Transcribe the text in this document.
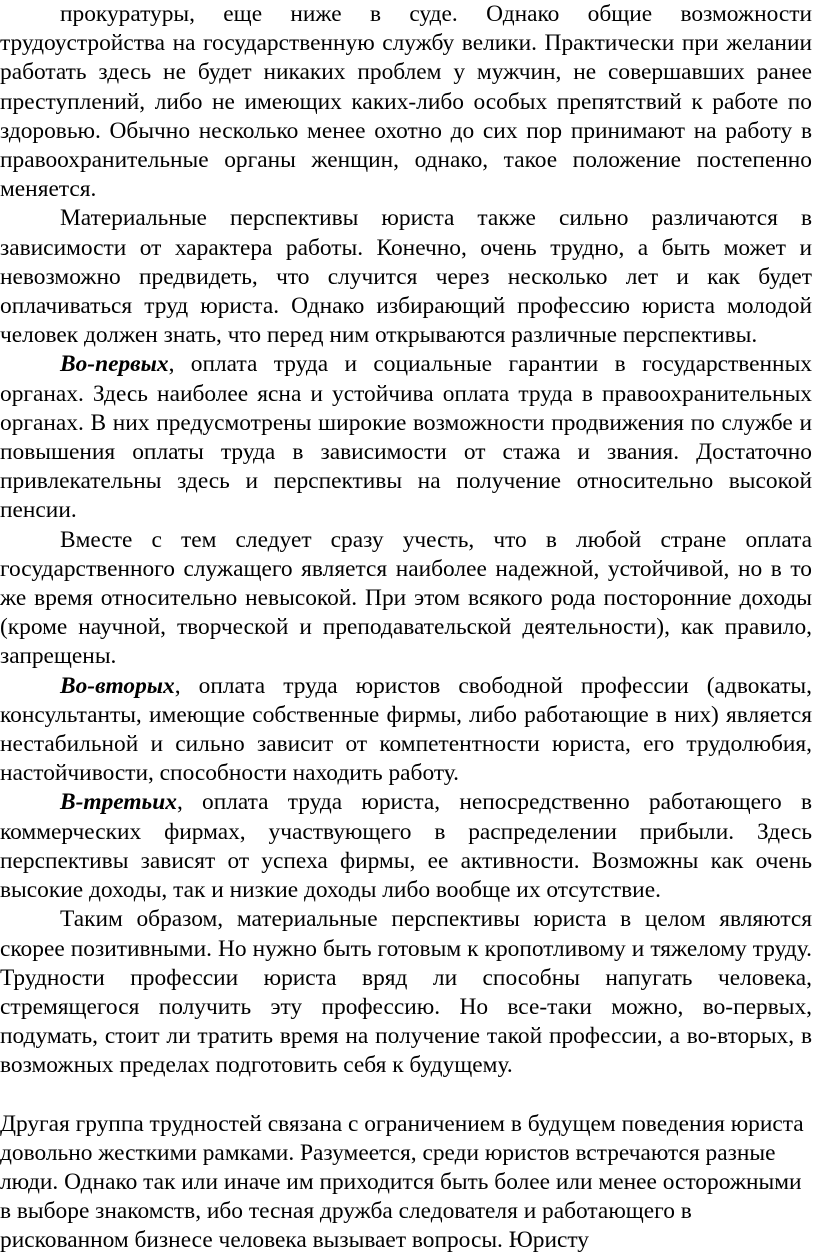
прокуратуры, еще ниже в суде. Однако общие возможности трудоустройства на государственную службу велики. Практически при желании работать здесь не будет никаких проблем у мужчин, не совершавших ранее преступлений, либо не имеющих каких-либо особых препятствий к работе по здоровью. Обычно несколько менее охотно до сих пор принимают на работу в правоохранительные органы женщин, однако, такое положение постепенно меняется.

Материальные перспективы юриста также сильно различаются в зависимости от характера работы. Конечно, очень трудно, а быть может и невозможно предвидеть, что случится через несколько лет и как будет оплачиваться труд юриста. Однако избирающий профессию юриста молодой человек должен знать, что перед ним открываются различные перспективы.

Во-первых, оплата труда и социальные гарантии в государственных органах. Здесь наиболее ясна и устойчива оплата труда в правоохранительных органах. В них предусмотрены широкие возможности продвижения по службе и повышения оплаты труда в зависимости от стажа и звания. Достаточно привлекательны здесь и перспективы на получение относительно высокой пенсии.

Вместе с тем следует сразу учесть, что в любой стране оплата государственного служащего является наиболее надежной, устойчивой, но в то же время относительно невысокой. При этом всякого рода посторонние доходы (кроме научной, творческой и преподавательской деятельности), как правило, запрещены.

Во-вторых, оплата труда юристов свободной профессии (адвокаты, консультанты, имеющие собственные фирмы, либо работающие в них) является нестабильной и сильно зависит от компетентности юриста, его трудолюбия, настойчивости, способности находить работу.

В-третьих, оплата труда юриста, непосредственно работающего в коммерческих фирмах, участвующего в распределении прибыли. Здесь перспективы зависят от успеха фирмы, ее активности. Возможны как очень высокие доходы, так и низкие доходы либо вообще их отсутствие.

Таким образом, материальные перспективы юриста в целом являются скорее позитивными. Но нужно быть готовым к кропотливому и тяжелому труду. Трудности профессии юриста вряд ли способны напугать человека, стремящегося получить эту профессию. Но все-таки можно, во-первых, подумать, стоит ли тратить время на получение такой профессии, а во-вторых, в возможных пределах подготовить себя к будущему.

Другая группа трудностей связана с ограничением в будущем поведения юриста довольно жесткими рамками. Разумеется, среди юристов встречаются разные люди. Однако так или иначе им приходится быть более или менее осторожными в выборе знакомств, ибо тесная дружба следователя и работающего в рискованном бизнесе человека вызывает вопросы. Юристу
